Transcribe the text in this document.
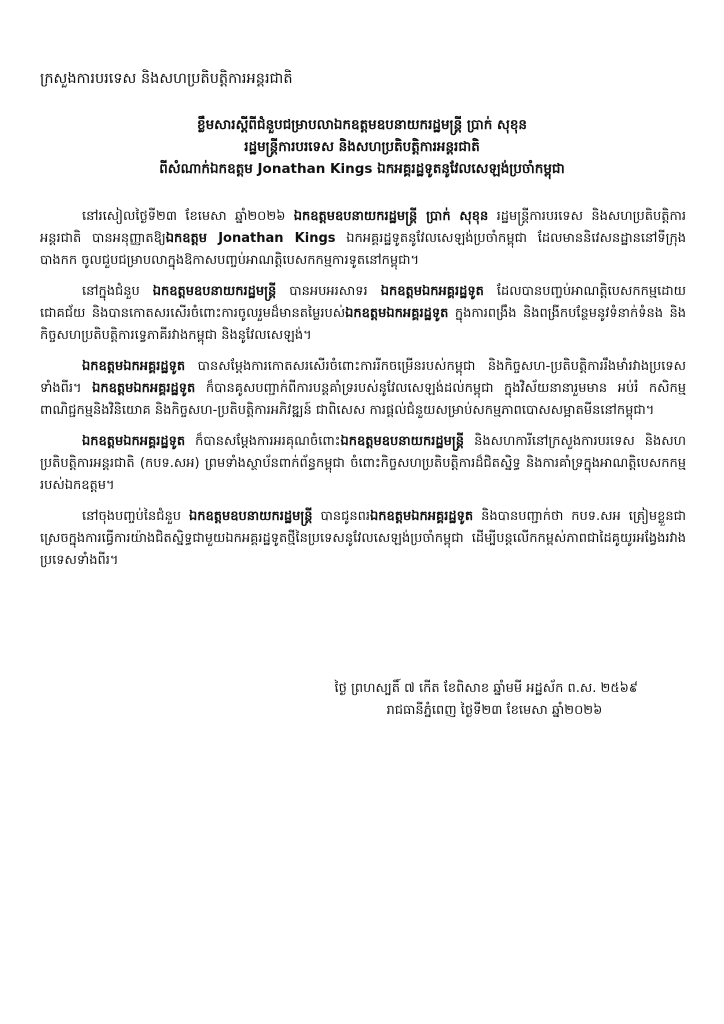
ក្រសួងការបរទេស និងសហប្រតិបត្តិការអន្តរជាតិ
ខ្លឹមសារស្តីពីជំនួបជម្រាបលាឯកឧត្តមឧបនាយករដ្ឋមន្ត្រី ប្រាក់ សុខុន
រដ្ឋមន្ត្រីការបរទេស និងសហប្រតិបត្តិការអន្តរជាតិ
ពីសំណាក់ឯកឧត្តម Jonathan Kings ឯកអគ្គរដ្ឋទូតនូវែលសេឡង់ប្រចាំកម្ពុជា

នៅរសៀលថ្ងៃទី២៣ ខែមេសា ឆ្នាំ២០២៦ ឯកឧត្តមឧបនាយករដ្ឋមន្ត្រី ប្រាក់ សុខុន រដ្ឋមន្ត្រីការបរទេស និងសហប្រតិបត្តិការអន្តរជាតិ បានអនុញ្ញាតឱ្យឯកឧត្តម Jonathan Kings ឯកអគ្គរដ្ឋទូតនូវែលសេឡង់ប្រចាំកម្ពុជា ដែលមាននិវេសនដ្ឋាននៅទីក្រុងបាងកក ចូលជួបជម្រាបលាក្នុងឱកាសបញ្ចប់អាណត្តិបេសកកម្មការទូតនៅកម្ពុជា។

នៅក្នុងជំនួប ឯកឧត្តមឧបនាយករដ្ឋមន្ត្រី បានអបអរសាទរ ឯកឧត្តមឯកអគ្គរដ្ឋទូត ដែលបានបញ្ចប់អាណត្តិបេសកកម្មដោយជោគជ័យ និងបានកោតសរសើរចំពោះការចូលរួមដ៏មានតម្លៃរបស់ឯកឧត្តមឯកអគ្គរដ្ឋទូត ក្នុងការពង្រឹង និងពង្រីកបន្ថែមនូវទំនាក់ទំនង និងកិច្ចសហប្រតិបត្តិការទ្វេភាគីរវាងកម្ពុជា និងនូវែលសេឡង់។

ឯកឧត្តមឯកអគ្គរដ្ឋទូត បានសម្តែងការកោតសរសើរចំពោះការរីកចម្រើនរបស់កម្ពុជា និងកិច្ចសហ-ប្រតិបត្តិការរឹងមាំរវាងប្រទេសទាំងពីរ។ ឯកឧត្តមឯកអគ្គរដ្ឋទូត ក៏បានគូសបញ្ជាក់ពីការបន្តគាំទ្ររបស់នូវែលសេឡង់ដល់កម្ពុជា ក្នុងវិស័យនានារួមមាន អប់រំ កសិកម្ម ពាណិជ្ជកម្មនិងវិនិយោគ និងកិច្ចសហ-ប្រតិបត្តិការអភិវឌ្ឍន៍ ជាពិសេស ការផ្តល់ជំនួយសម្រាប់សកម្មភាពបោសសម្អាតមីននៅកម្ពុជា។

ឯកឧត្តមឯកអគ្គរដ្ឋទូត ក៏បានសម្តែងការអរគុណចំពោះឯកឧត្តមឧបនាយករដ្ឋមន្ត្រី និងសហការីនៅក្រសួងការបរទេស និងសហប្រតិបត្តិការអន្តរជាតិ (កបទ.សអ) ព្រមទាំងស្ថាប័នពាក់ព័ន្ធកម្ពុជា ចំពោះកិច្ចសហប្រតិបត្តិការដ៏ជិតស្និទ្ធ និងការគាំទ្រក្នុងអាណត្តិបេសកកម្មរបស់ឯកឧត្តម។

នៅចុងបញ្ចប់នៃជំនួប ឯកឧត្តមឧបនាយករដ្ឋមន្ត្រី បានជូនពរឯកឧត្តមឯកអគ្គរដ្ឋទូត និងបានបញ្ជាក់ថា កបទ.សអ ត្រៀមខ្លួនជាស្រេចក្នុងការធ្វើការយ៉ាងជិតស្និទ្ធជាមួយឯកអគ្គរដ្ឋទូតថ្មីនៃប្រទេសនូវែលសេឡង់ប្រចាំកម្ពុជា ដើម្បីបន្តលើកកម្ពស់ភាពជាដៃគូយូរអង្វែងរវាងប្រទេសទាំងពីរ។

ថ្ងៃ ព្រហស្បតិ៍ ៧ កើត ខែពិសាខ ឆ្នាំមមី អដ្ឋស័ក ព.ស. ២៥៦៩
រាជធានីភ្នំពេញ ថ្ងៃទី២៣ ខែមេសា ឆ្នាំ២០២៦
